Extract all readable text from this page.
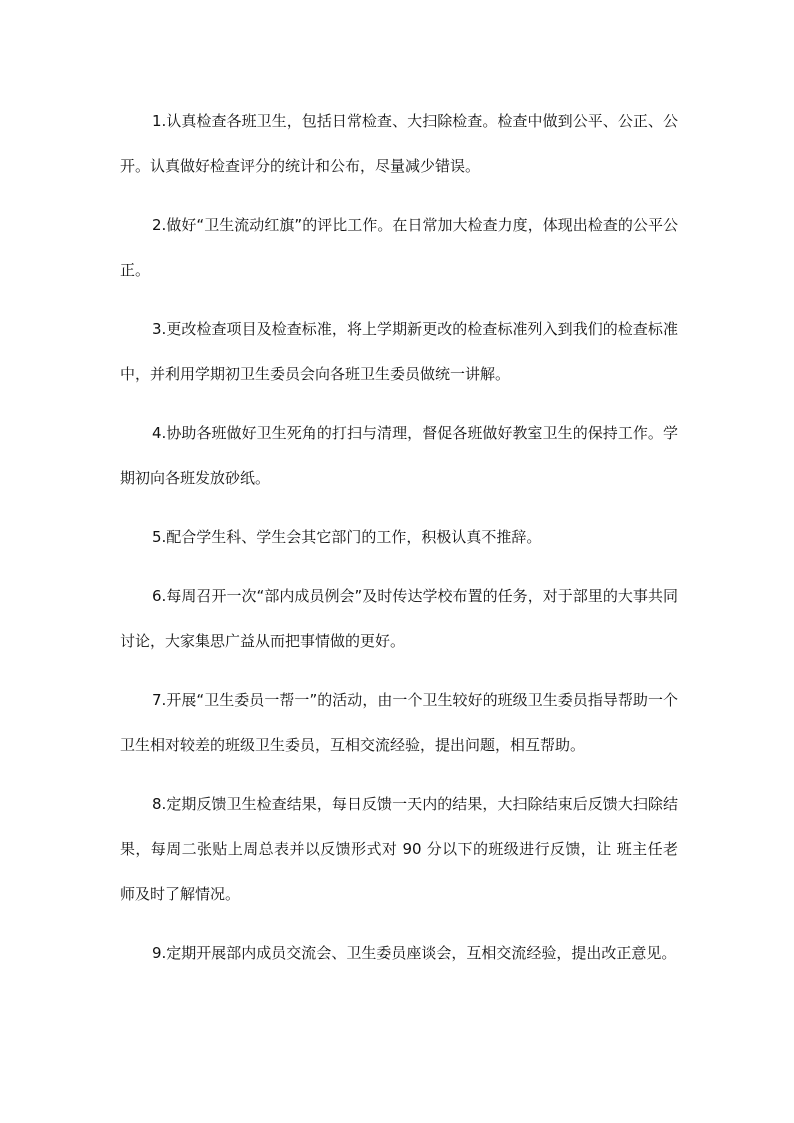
1.认真检查各班卫生，包括日常检查、大扫除检查。检查中做到公平、公正、公开。认真做好检查评分的统计和公布，尽量减少错误。

2.做好“卫生流动红旗”的评比工作。在日常加大检查力度，体现出检查的公平公正。

3.更改检查项目及检查标准，将上学期新更改的检查标准列入到我们的检查标准中，并利用学期初卫生委员会向各班卫生委员做统一讲解。

4.协助各班做好卫生死角的打扫与清理，督促各班做好教室卫生的保持工作。学期初向各班发放砂纸。

5.配合学生科、学生会其它部门的工作，积极认真不推辞。

6.每周召开一次“部内成员例会”及时传达学校布置的任务，对于部里的大事共同讨论，大家集思广益从而把事情做的更好。

7.开展“卫生委员一帮一”的活动，由一个卫生较好的班级卫生委员指导帮助一个卫生相对较差的班级卫生委员，互相交流经验，提出问题，相互帮助。

8.定期反馈卫生检查结果，每日反馈一天内的结果，大扫除结束后反馈大扫除结果，每周二张贴上周总表并以反馈形式对 90 分以下的班级进行反馈，让 班主任老师及时了解情况。

9.定期开展部内成员交流会、卫生委员座谈会，互相交流经验，提出改正意见。
